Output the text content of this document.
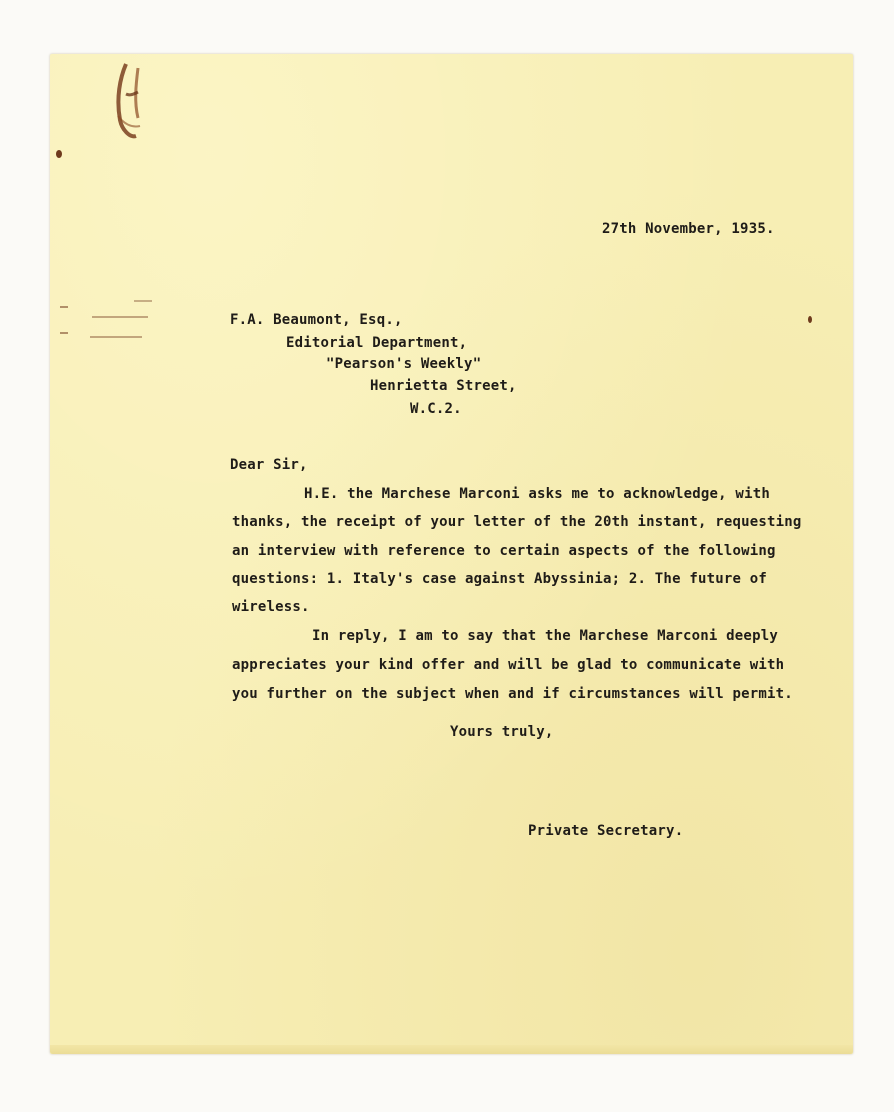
27th November, 1935.
F.A. Beaumont, Esq.,
Editorial Department,
"Pearson's Weekly"
Henrietta Street,
W.C.2.
Dear Sir,
H.E. the Marchese Marconi asks me to acknowledge, with
thanks, the receipt of your letter of the 20th instant, requesting
an interview with reference to certain aspects of the following
questions: 1. Italy's case against Abyssinia; 2. The future of
wireless.
In reply, I am to say that the Marchese Marconi deeply
appreciates your kind offer and will be glad to communicate with
you further on the subject when and if circumstances will permit.
Yours truly,
Private Secretary.
